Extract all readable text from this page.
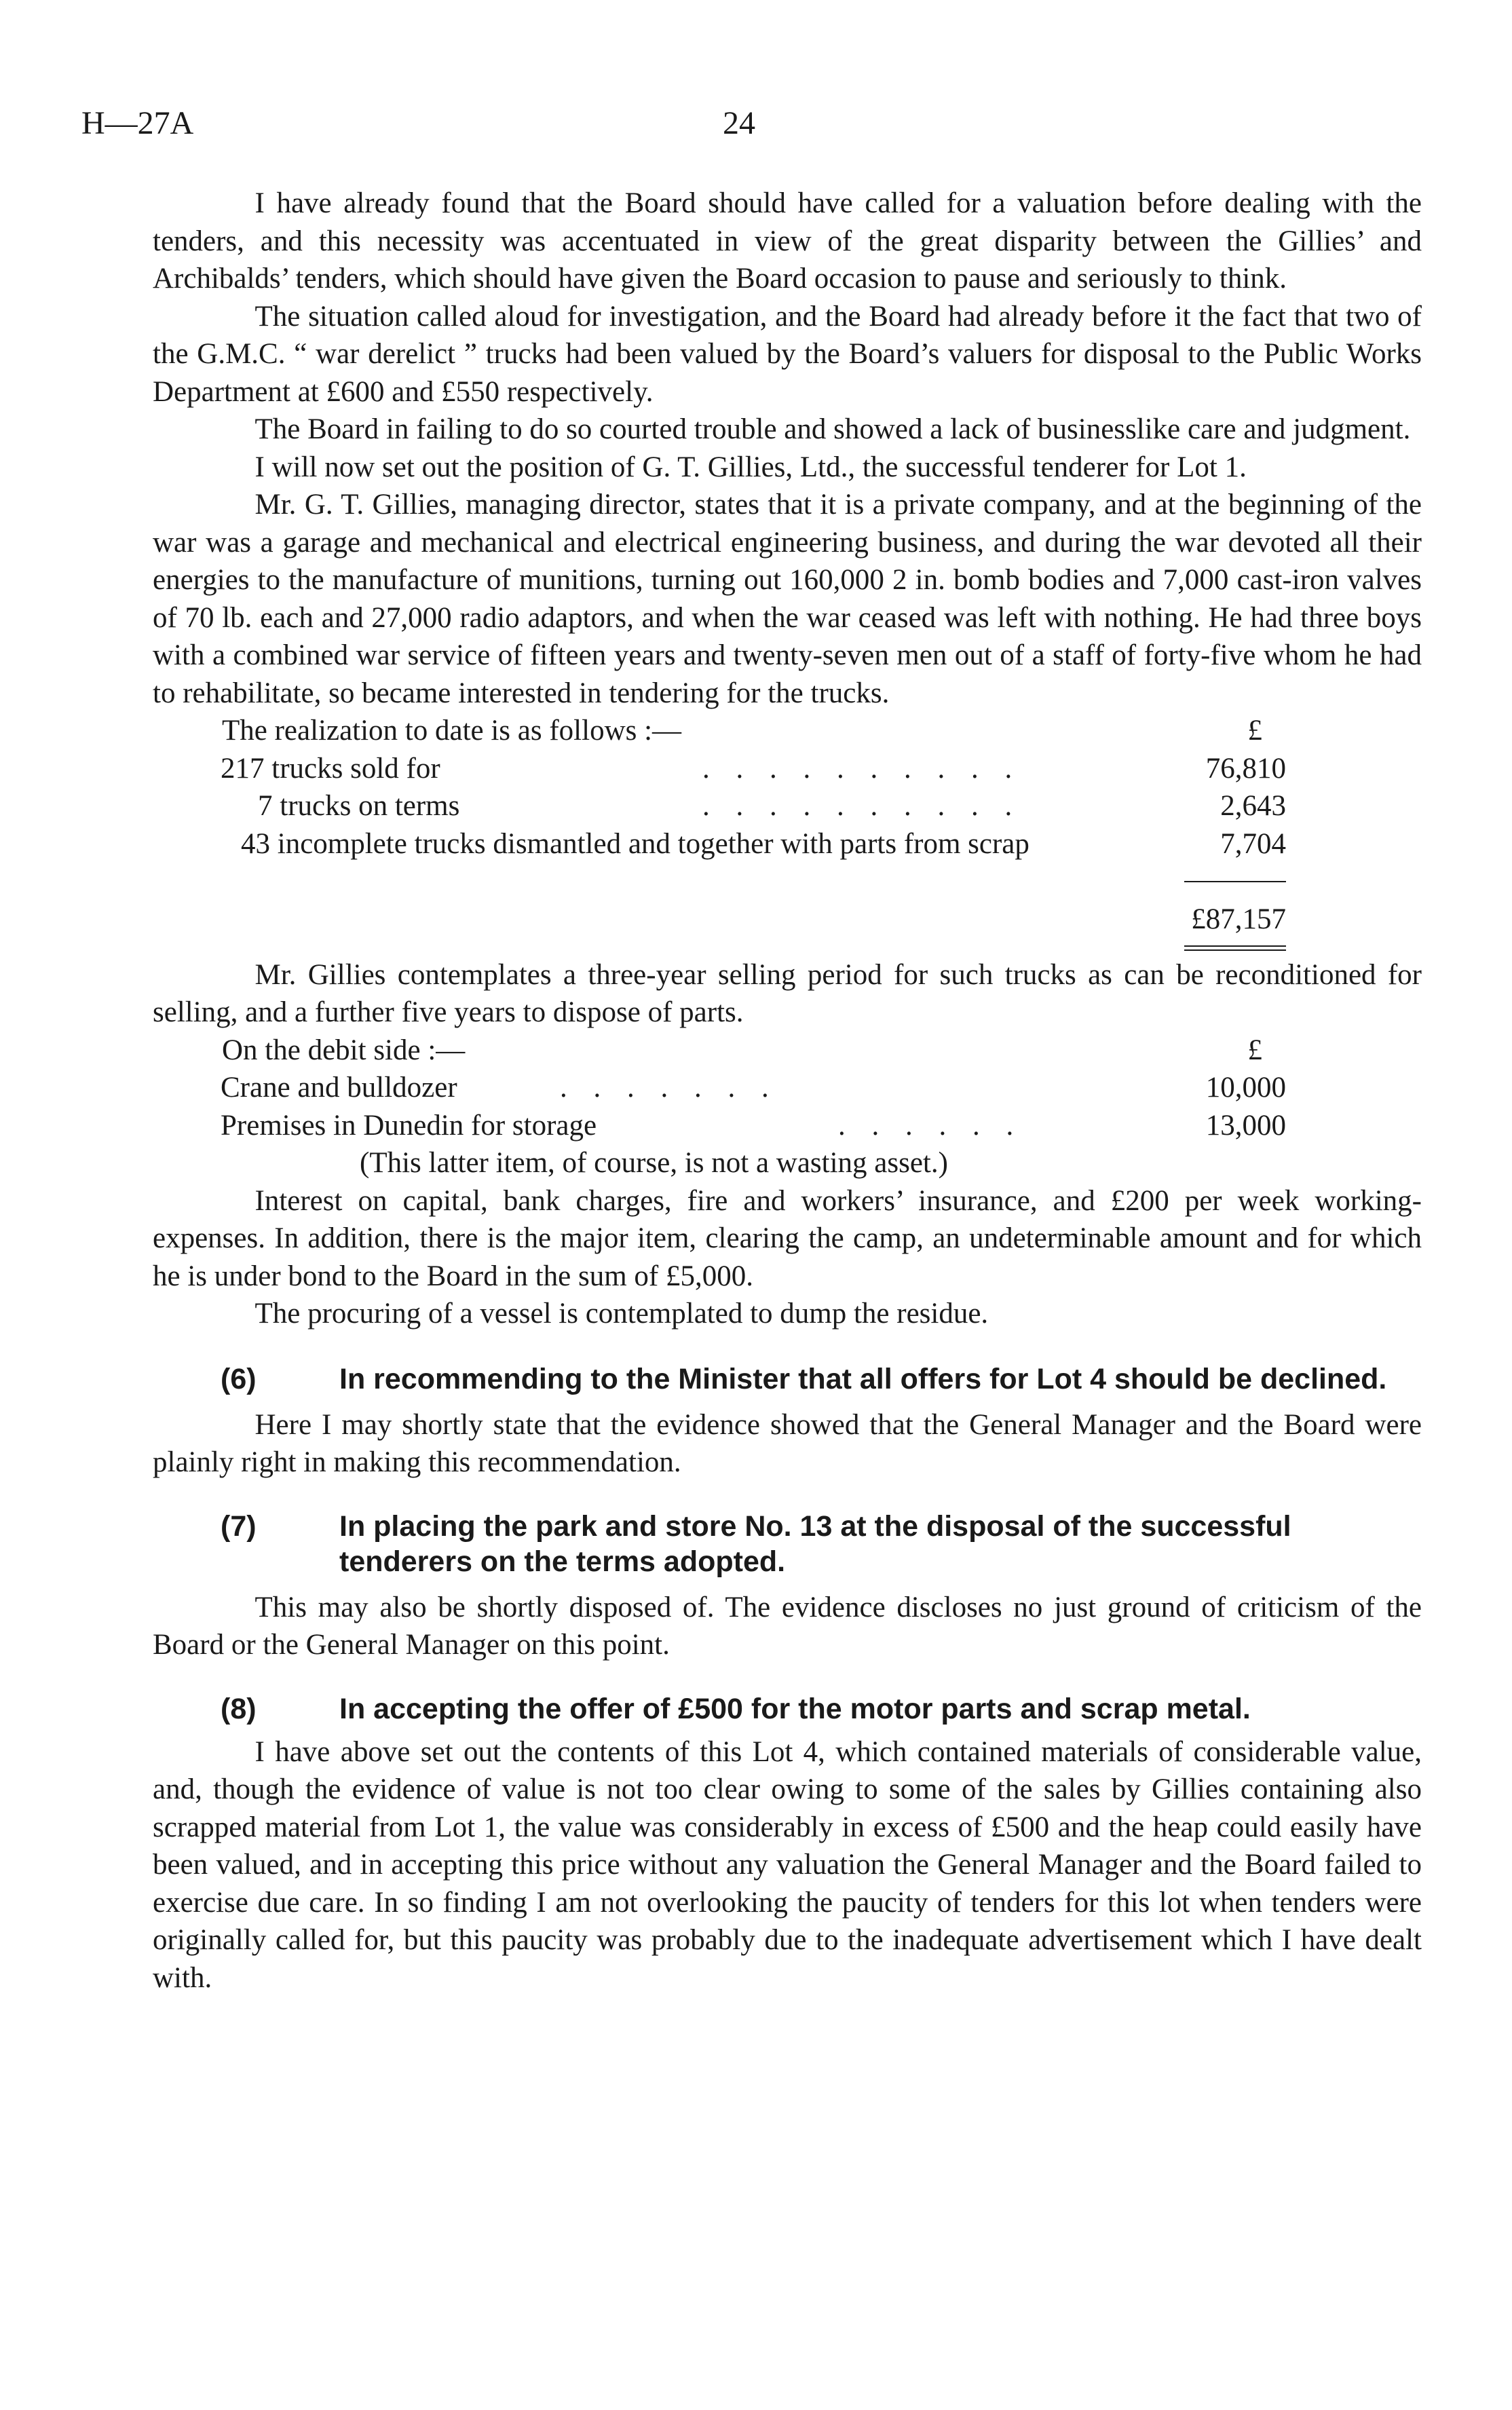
H—27A	24

I have already found that the Board should have called for a valuation before dealing with the tenders, and this necessity was accentuated in view of the great disparity between the Gillies’ and Archibalds’ tenders, which should have given the Board occasion to pause and seriously to think.

The situation called aloud for investigation, and the Board had already before it the fact that two of the G.M.C. “ war derelict ” trucks had been valued by the Board’s valuers for disposal to the Public Works Department at £600 and £550 respectively.

The Board in failing to do so courted trouble and showed a lack of businesslike care and judgment.

I will now set out the position of G. T. Gillies, Ltd., the successful tenderer for Lot 1.

Mr. G. T. Gillies, managing director, states that it is a private company, and at the beginning of the war was a garage and mechanical and electrical engineering business, and during the war devoted all their energies to the manufacture of munitions, turning out 160,000 2 in. bomb bodies and 7,000 cast-iron valves of 70 lb. each and 27,000 radio adaptors, and when the war ceased was left with nothing. He had three boys with a combined war service of fifteen years and twenty-seven men out of a staff of forty-five whom he had to rehabilitate, so became interested in tendering for the trucks.

The realization to date is as follows :—	£
217 trucks sold for	. . . . . . . . . .	76,810
7 trucks on terms	. . . . . . . . . .	2,643
43 incomplete trucks dismantled and together with parts from scrap	7,704
£87,157

Mr. Gillies contemplates a three-year selling period for such trucks as can be reconditioned for selling, and a further five years to dispose of parts.

On the debit side :—	£
Crane and bulldozer	. . . . . . .	10,000
Premises in Dunedin for storage	. . . . . .	13,000
(This latter item, of course, is not a wasting asset.)

Interest on capital, bank charges, fire and workers’ insurance, and £200 per week working-expenses. In addition, there is the major item, clearing the camp, an undeterminable amount and for which he is under bond to the Board in the sum of £5,000.

The procuring of a vessel is contemplated to dump the residue.

(6)	In recommending to the Minister that all offers for Lot 4 should be declined.

Here I may shortly state that the evidence showed that the General Manager and the Board were plainly right in making this recommendation.

(7)	In placing the park and store No. 13 at the disposal of the successful tenderers on the terms adopted.

This may also be shortly disposed of. The evidence discloses no just ground of criticism of the Board or the General Manager on this point.

(8)	In accepting the offer of £500 for the motor parts and scrap metal.

I have above set out the contents of this Lot 4, which contained materials of considerable value, and, though the evidence of value is not too clear owing to some of the sales by Gillies containing also scrapped material from Lot 1, the value was considerably in excess of £500 and the heap could easily have been valued, and in accepting this price without any valuation the General Manager and the Board failed to exercise due care. In so finding I am not overlooking the paucity of tenders for this lot when tenders were originally called for, but this paucity was probably due to the inadequate advertisement which I have dealt with.
